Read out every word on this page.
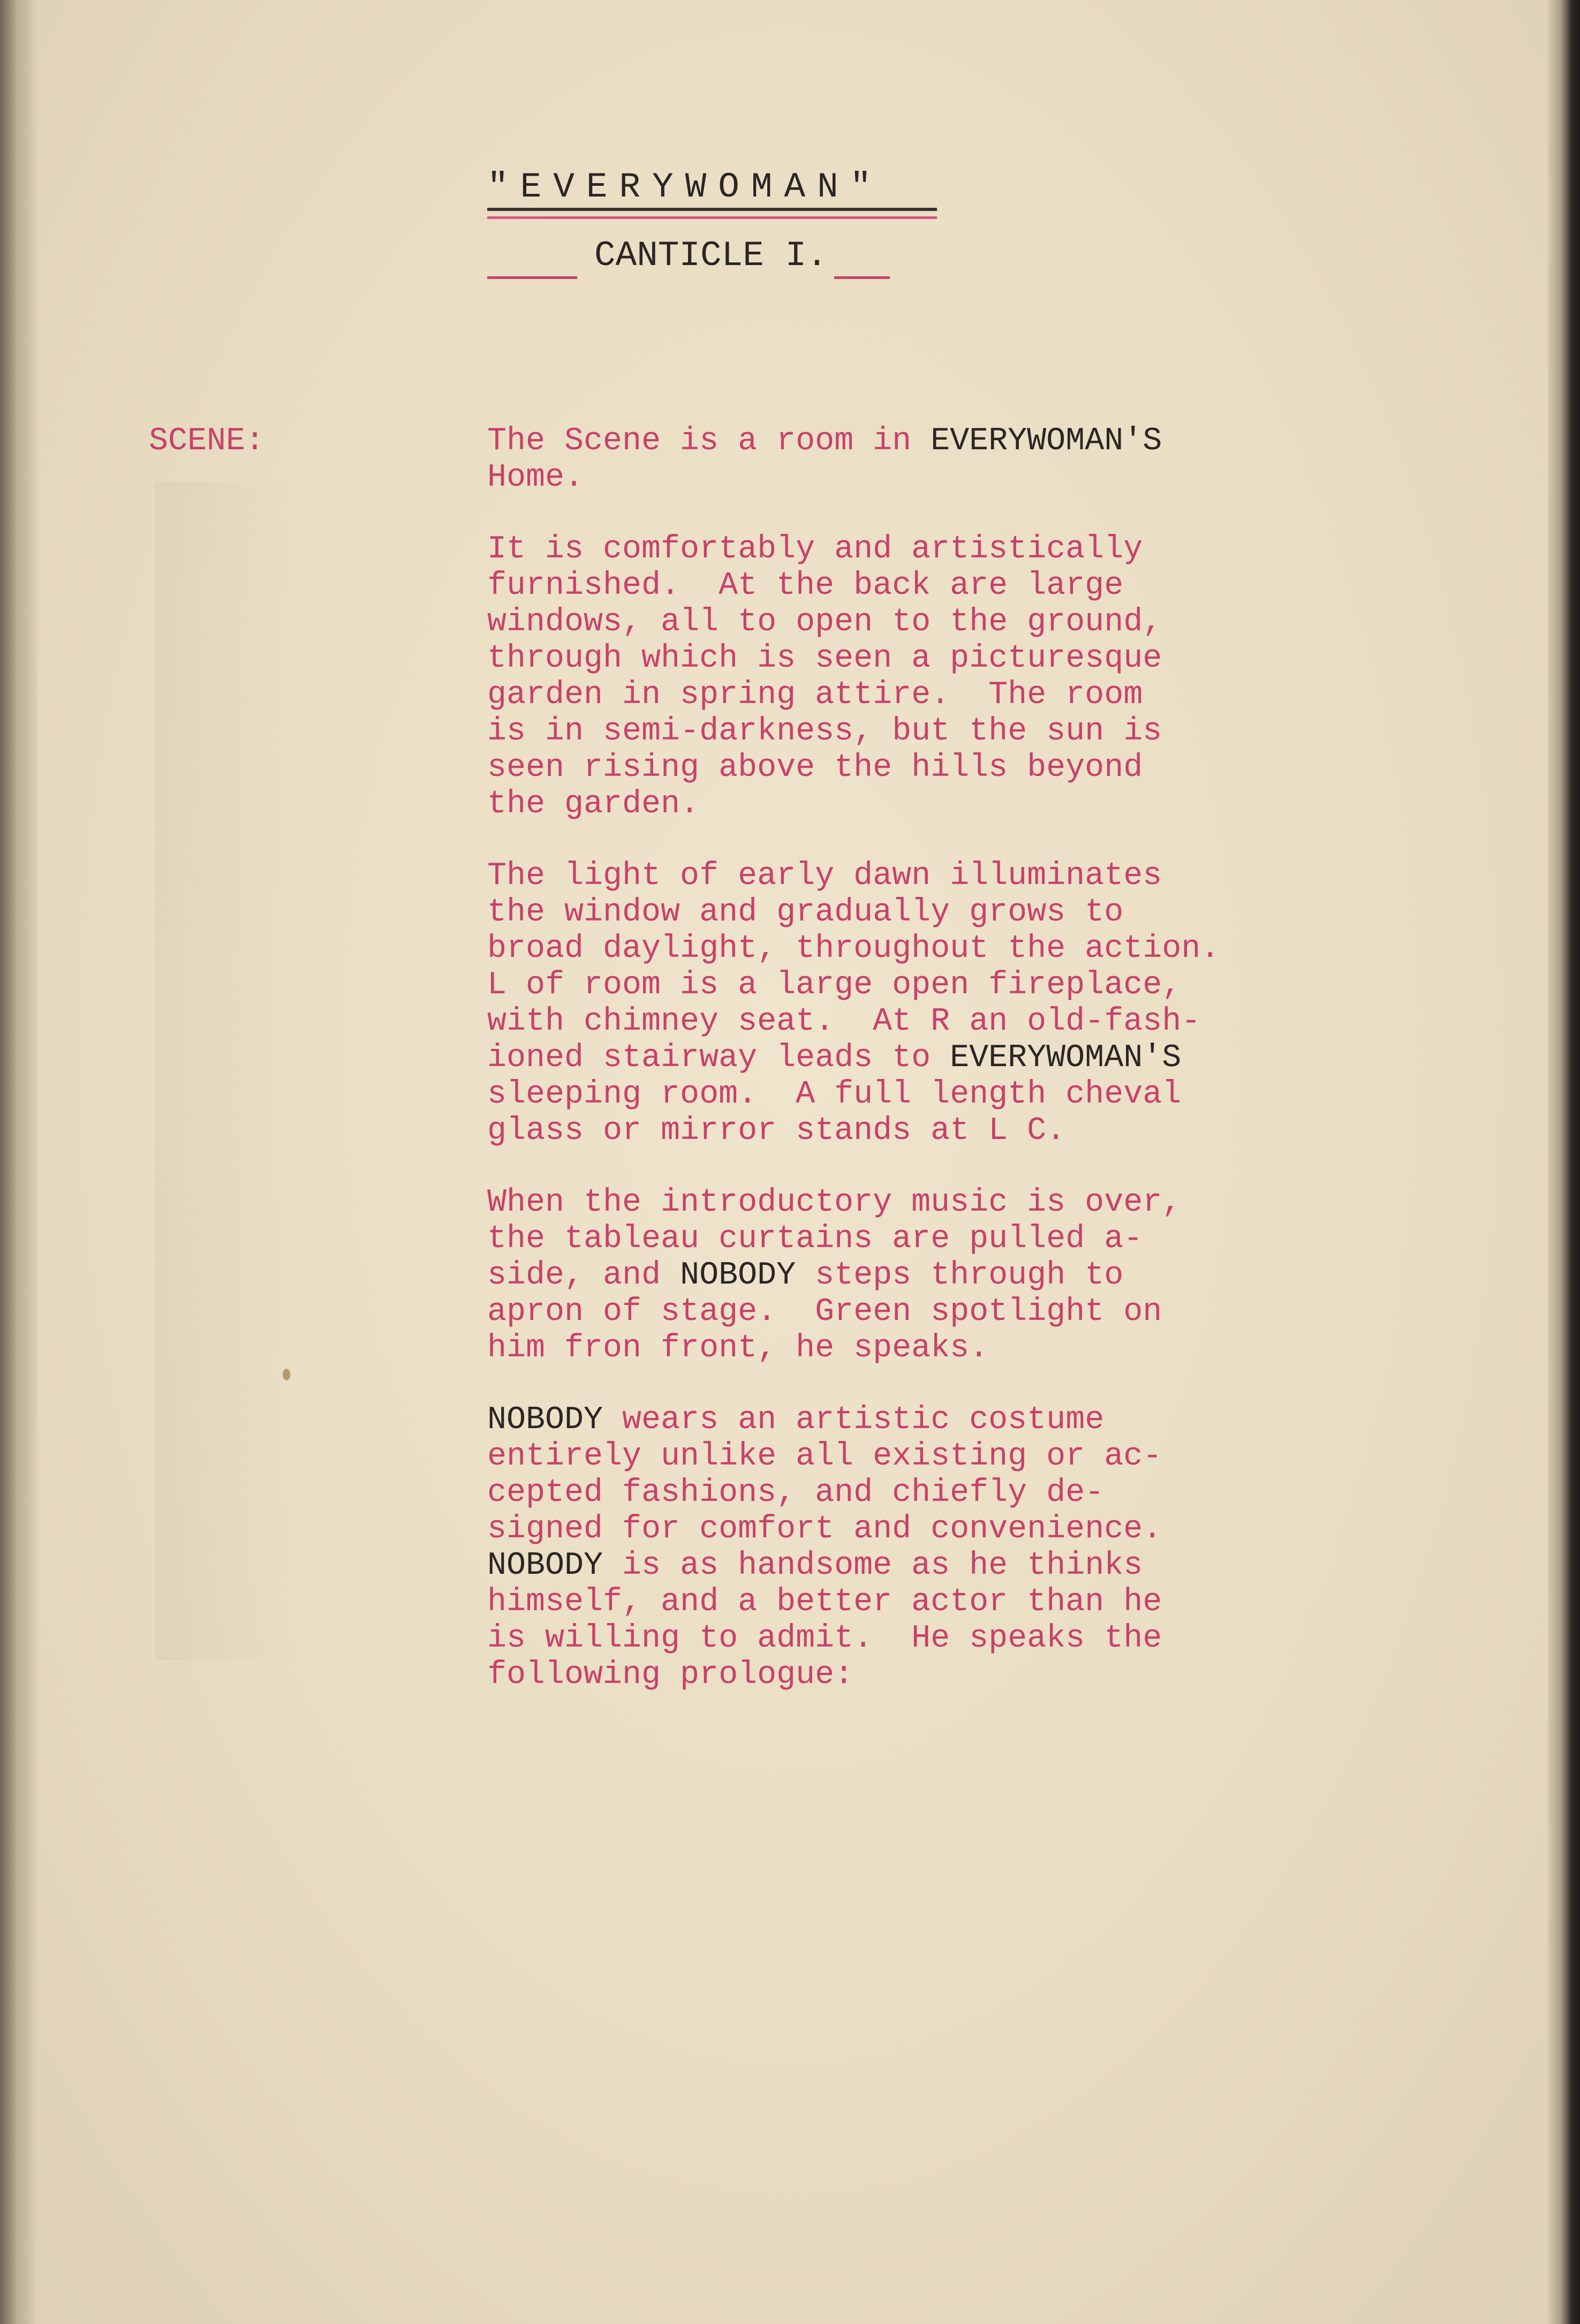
"EVERYWOMAN"
CANTICLE I.
SCENE:	The Scene is a room in EVERYWOMAN'S
Home.
It is comfortably and artistically
furnished.  At the back are large
windows, all to open to the ground,
through which is seen a picturesque
garden in spring attire.  The room
is in semi-darkness, but the sun is
seen rising above the hills beyond
the garden.
The light of early dawn illuminates
the window and gradually grows to
broad daylight, throughout the action.
L of room is a large open fireplace,
with chimney seat.  At R an old-fash-
ioned stairway leads to EVERYWOMAN'S
sleeping room.  A full length cheval
glass or mirror stands at L C.
When the introductory music is over,
the tableau curtains are pulled a-
side, and NOBODY steps through to
apron of stage.  Green spotlight on
him fron front, he speaks.
NOBODY wears an artistic costume
entirely unlike all existing or ac-
cepted fashions, and chiefly de-
signed for comfort and convenience.
NOBODY is as handsome as he thinks
himself, and a better actor than he
is willing to admit.  He speaks the
following prologue:
